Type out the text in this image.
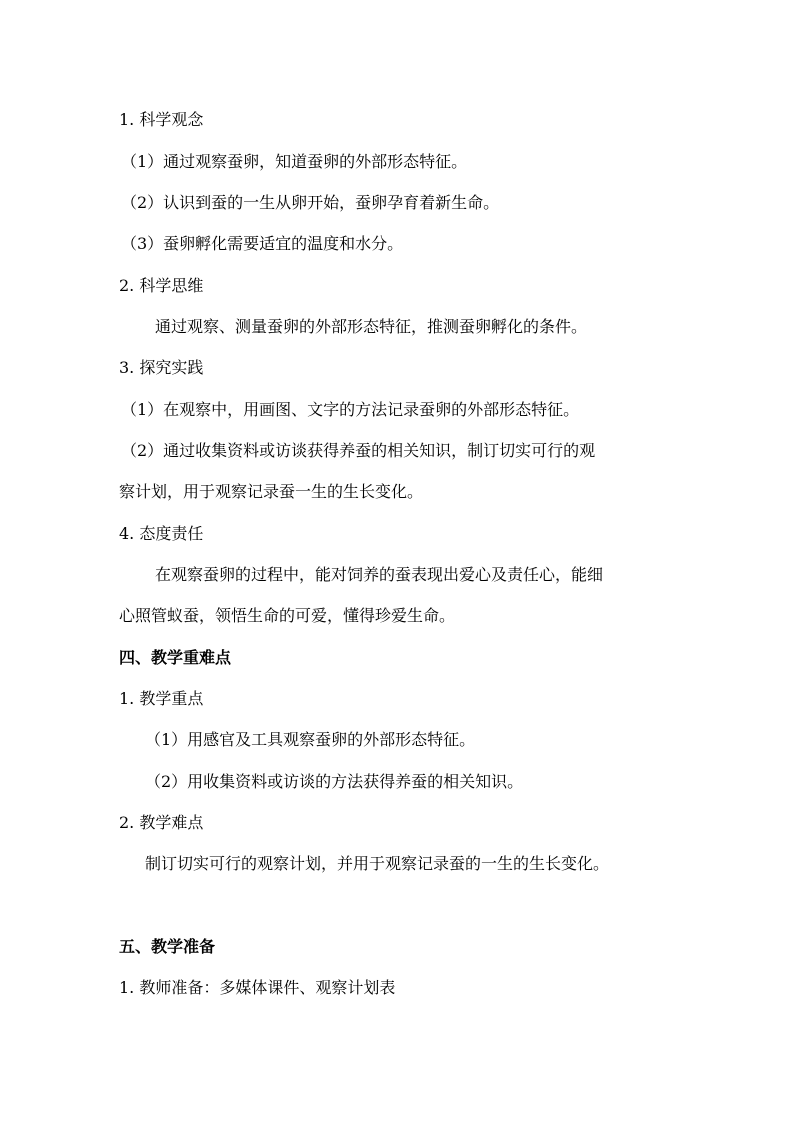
1. 科学观念
（1）通过观察蚕卵，知道蚕卵的外部形态特征。
（2）认识到蚕的一生从卵开始，蚕卵孕育着新生命。
（3）蚕卵孵化需要适宜的温度和水分。
2. 科学思维
通过观察、测量蚕卵的外部形态特征，推测蚕卵孵化的条件。
3. 探究实践
（1）在观察中，用画图、文字的方法记录蚕卵的外部形态特征。
（2）通过收集资料或访谈获得养蚕的相关知识，制订切实可行的观
察计划，用于观察记录蚕一生的生长变化。
4. 态度责任
在观察蚕卵的过程中，能对饲养的蚕表现出爱心及责任心，能细
心照管蚁蚕，领悟生命的可爱，懂得珍爱生命。
四、教学重难点
1. 教学重点
（1）用感官及工具观察蚕卵的外部形态特征。
（2）用收集资料或访谈的方法获得养蚕的相关知识。
2. 教学难点
制订切实可行的观察计划，并用于观察记录蚕的一生的生长变化。
五、教学准备
1. 教师准备：多媒体课件、观察计划表
